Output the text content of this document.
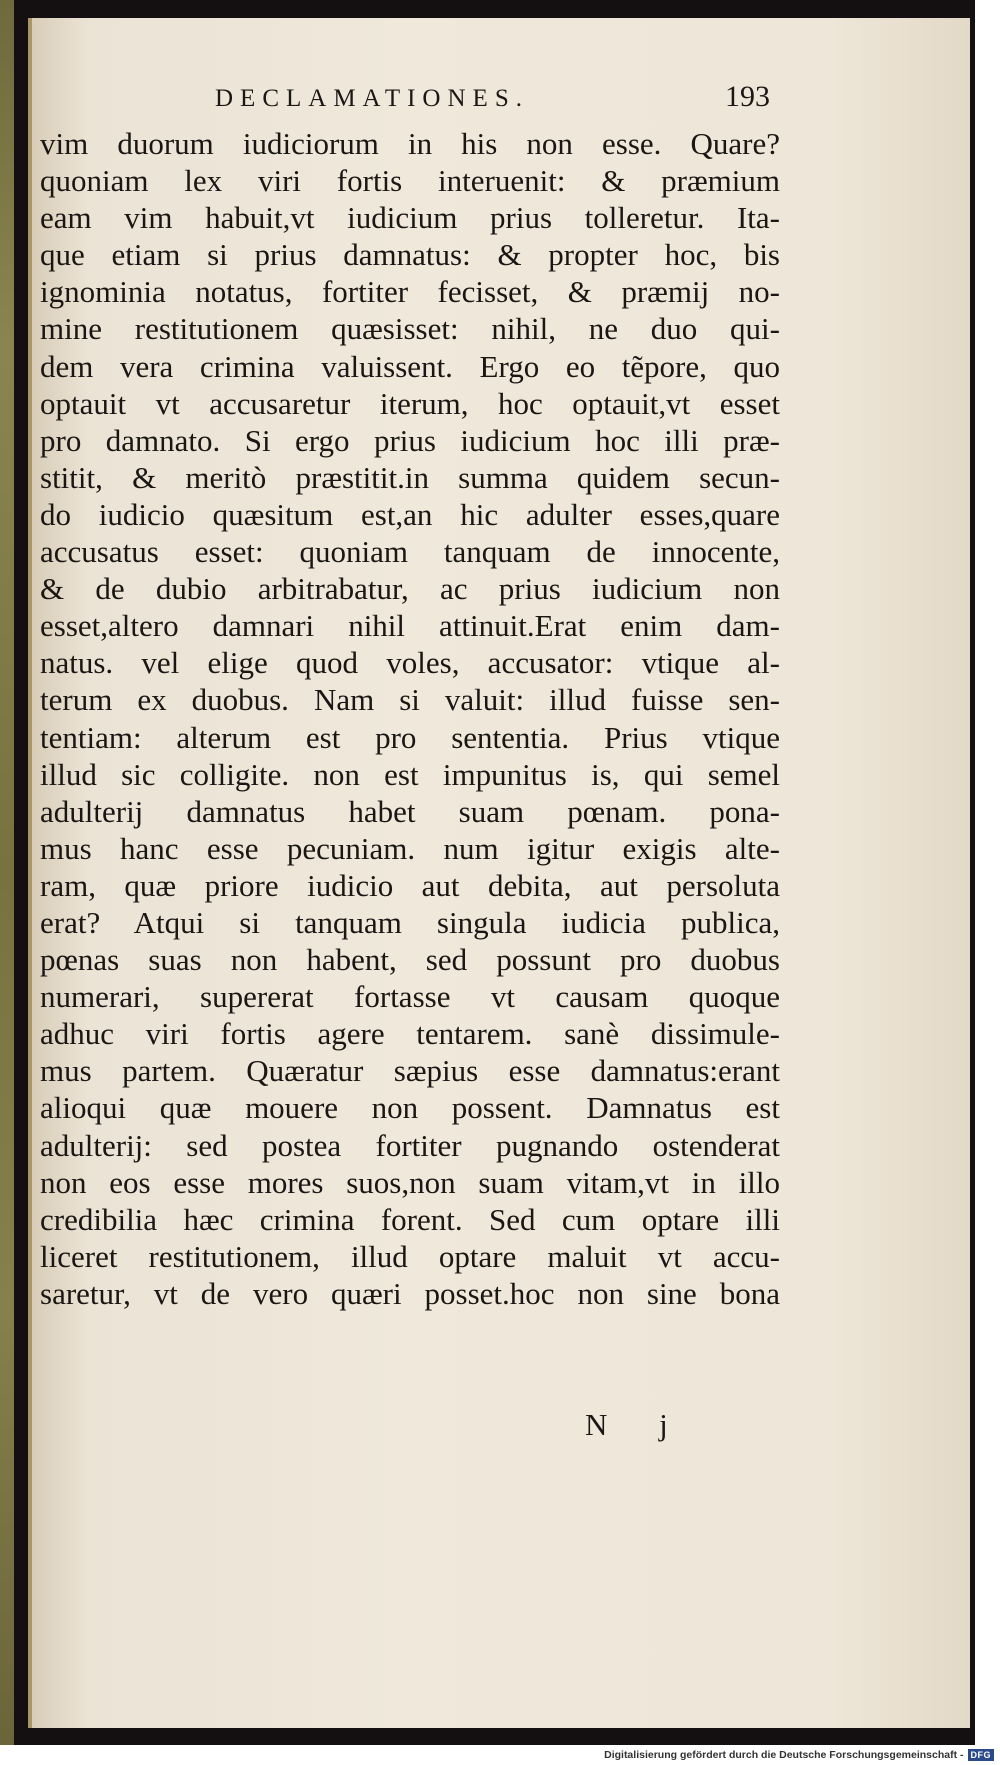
DECLAMATIONES.	193
vim duorum iudiciorum in his non esse. Quare?
quoniam lex viri fortis interuenit: & præmium
eam vim habuit,vt iudicium prius tolleretur. Ita-
que etiam si prius damnatus: & propter hoc, bis
ignominia notatus, fortiter fecisset, & præmij no-
mine restitutionem quæsisset: nihil, ne duo qui-
dem vera crimina valuissent. Ergo eo tẽpore, quo
optauit vt accusaretur iterum, hoc optauit,vt esset
pro damnato. Si ergo prius iudicium hoc illi præ-
stitit, & meritò præstitit.in summa quidem secun-
do iudicio quæsitum est,an hic adulter esses,quare
accusatus esset: quoniam tanquam de innocente,
& de dubio arbitrabatur, ac prius iudicium non
esset,altero damnari nihil attinuit.Erat enim dam-
natus. vel elige quod voles, accusator: vtique al-
terum ex duobus. Nam si valuit: illud fuisse sen-
tentiam: alterum est pro sententia. Prius vtique
illud sic colligite. non est impunitus is, qui semel
adulterij damnatus habet suam pœnam. pona-
mus hanc esse pecuniam. num igitur exigis alte-
ram, quæ priore iudicio aut debita, aut persoluta
erat? Atqui si tanquam singula iudicia publica,
pœnas suas non habent, sed possunt pro duobus
numerari, supererat fortasse vt causam quoque
adhuc viri fortis agere tentarem. sanè dissimule-
mus partem. Quæratur sæpius esse damnatus:erant
alioqui quæ mouere non possent. Damnatus est
adulterij: sed postea fortiter pugnando ostenderat
non eos esse mores suos,non suam vitam,vt in illo
credibilia hæc crimina forent. Sed cum optare illi
liceret restitutionem, illud optare maluit vt accu-
saretur, vt de vero quæri posset.hoc non sine bona
N j
Digitalisierung gefördert durch die Deutsche Forschungsgemeinschaft - DFG
